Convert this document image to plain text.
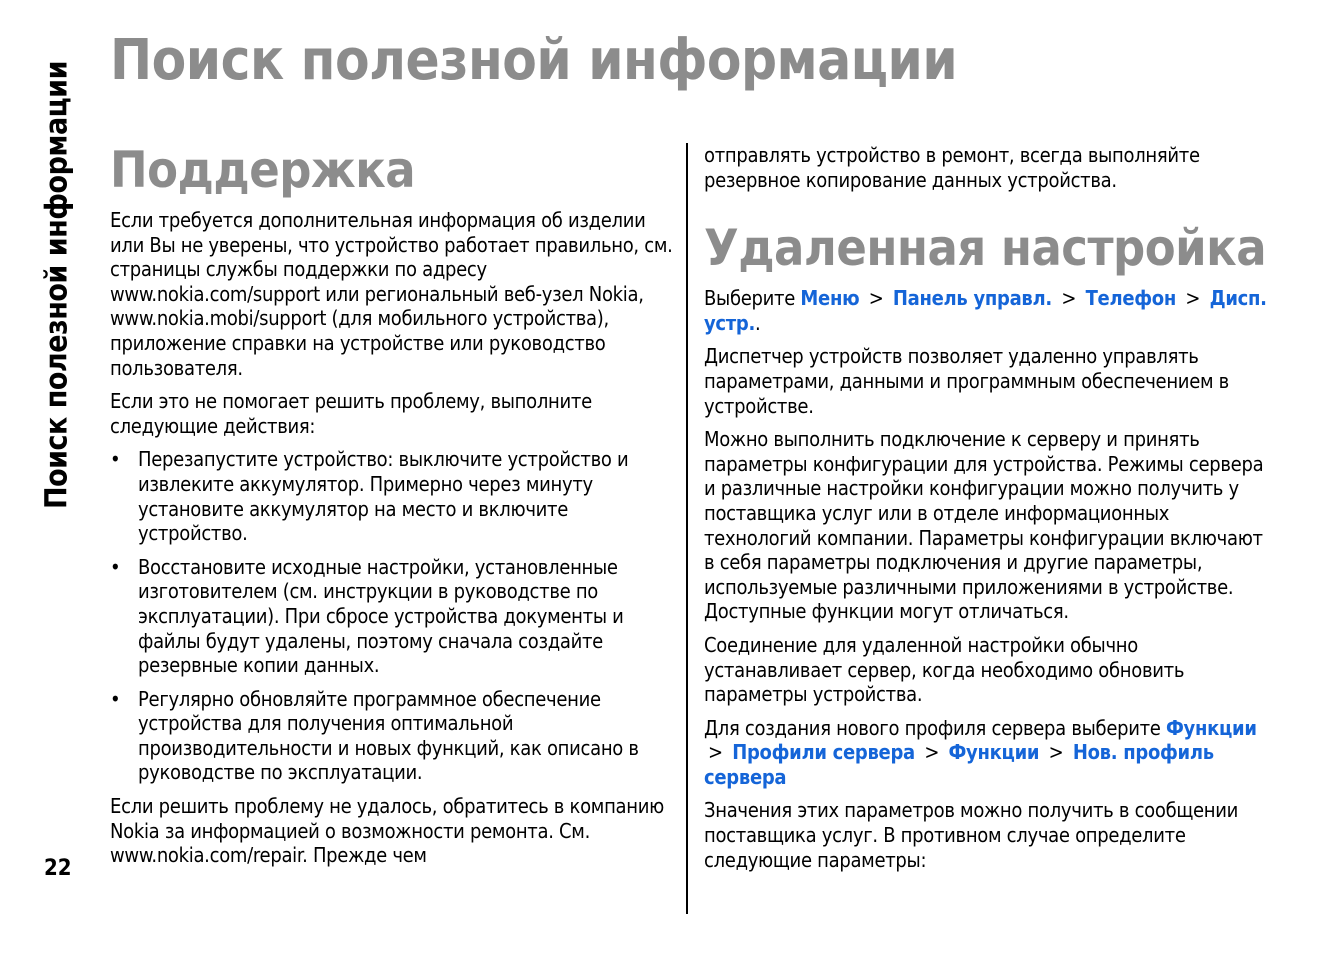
Поиск полезной информации
22
Поиск полезной информации
Поддержка

Если требуется дополнительная информация об изделии или Вы не уверены, что устройство работает правильно, см. страницы службы поддержки по адресу www.nokia.com/support или региональный веб-узел Nokia, www.nokia.mobi/support (для мобильного устройства), приложение справки на устройстве или руководство пользователя.

Если это не помогает решить проблему, выполните следующие действия:

• Перезапустите устройство: выключите устройство и извлеките аккумулятор. Примерно через минуту установите аккумулятор на место и включите устройство.
• Восстановите исходные настройки, установленные изготовителем (см. инструкции в руководстве по эксплуатации). При сбросе устройства документы и файлы будут удалены, поэтому сначала создайте резервные копии данных.
• Регулярно обновляйте программное обеспечение устройства для получения оптимальной производительности и новых функций, как описано в руководстве по эксплуатации.

Если решить проблему не удалось, обратитесь в компанию Nokia за информацией о возможности ремонта. См. www.nokia.com/repair. Прежде чем

отправлять устройство в ремонт, всегда выполняйте резервное копирование данных устройства.

Удаленная настройка

Выберите Меню > Панель управл. > Телефон > Дисп. устр..

Диспетчер устройств позволяет удаленно управлять параметрами, данными и программным обеспечением в устройстве.

Можно выполнить подключение к серверу и принять параметры конфигурации для устройства. Режимы сервера и различные настройки конфигурации можно получить у поставщика услуг или в отделе информационных технологий компании. Параметры конфигурации включают в себя параметры подключения и другие параметры, используемые различными приложениями в устройстве. Доступные функции могут отличаться.

Соединение для удаленной настройки обычно устанавливает сервер, когда необходимо обновить параметры устройства.

Для создания нового профиля сервера выберите Функции > Профили сервера > Функции > Нов. профиль сервера

Значения этих параметров можно получить в сообщении поставщика услуг. В противном случае определите следующие параметры:
